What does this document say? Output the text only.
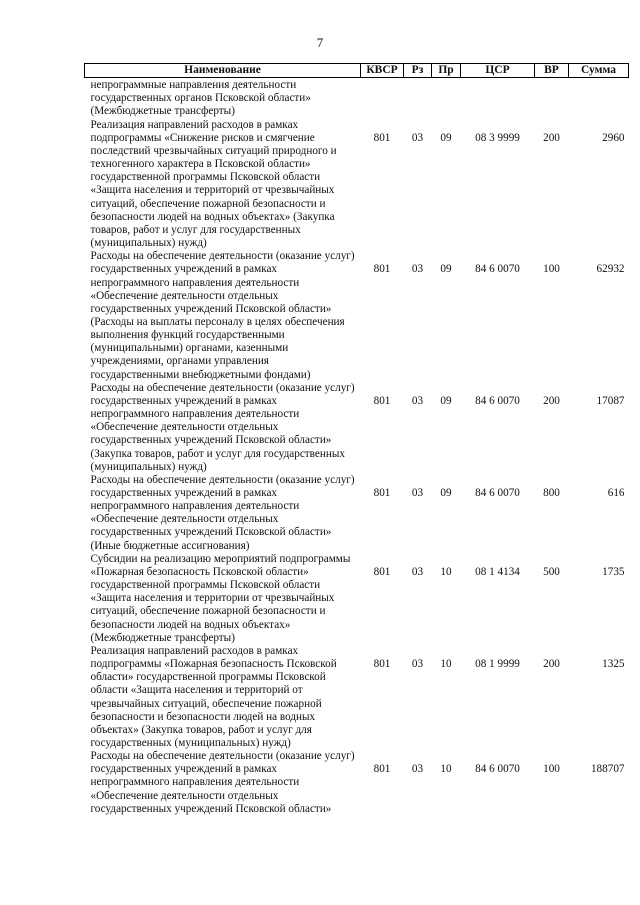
7
Наименование	КВСР	Рз	Пр	ЦСР	ВР	Сумма
непрограммные направления деятельности государственных органов Псковской области» (Межбюджетные трансферты)						
Реализация направлений расходов в рамках подпрограммы «Снижение рисков и смягчение последствий чрезвычайных ситуаций природного и техногенного характера в Псковской области» государственной программы Псковской области «Защита населения и территорий от чрезвычайных ситуаций, обеспечение пожарной безопасности и безопасности людей на водных объектах» (Закупка товаров, работ и услуг для государственных (муниципальных) нужд)	801	03	09	08 3 9999	200	2960
Расходы на обеспечение деятельности (оказание услуг) государственных учреждений в рамках непрограммного направления деятельности «Обеспечение деятельности отдельных государственных учреждений Псковской области» (Расходы на выплаты персоналу в целях обеспечения выполнения функций государственными (муниципальными) органами, казенными учреждениями, органами управления государственными внебюджетными фондами)	801	03	09	84 6 0070	100	62932
Расходы на обеспечение деятельности (оказание услуг) государственных учреждений в рамках непрограммного направления деятельности «Обеспечение деятельности отдельных государственных учреждений Псковской области» (Закупка товаров, работ и услуг для государственных (муниципальных) нужд)	801	03	09	84 6 0070	200	17087
Расходы на обеспечение деятельности (оказание услуг) государственных учреждений в рамках непрограммного направления деятельности «Обеспечение деятельности отдельных государственных учреждений Псковской области» (Иные бюджетные ассигнования)	801	03	09	84 6 0070	800	616
Субсидии на реализацию мероприятий подпрограммы «Пожарная безопасность Псковской области» государственной программы Псковской области «Защита населения и территории от чрезвычайных ситуаций, обеспечение пожарной безопасности и безопасности людей на водных объектах» (Межбюджетные трансферты)	801	03	10	08 1 4134	500	1735
Реализация направлений расходов в рамках подпрограммы «Пожарная безопасность Псковской области» государственной программы Псковской области «Защита населения и территорий от чрезвычайных ситуаций, обеспечение пожарной безопасности и безопасности людей на водных объектах» (Закупка товаров, работ и услуг для государственных (муниципальных) нужд)	801	03	10	08 1 9999	200	1325
Расходы на обеспечение деятельности (оказание услуг) государственных учреждений в рамках непрограммного направления деятельности «Обеспечение деятельности отдельных государственных учреждений Псковской области»	801	03	10	84 6 0070	100	188707
